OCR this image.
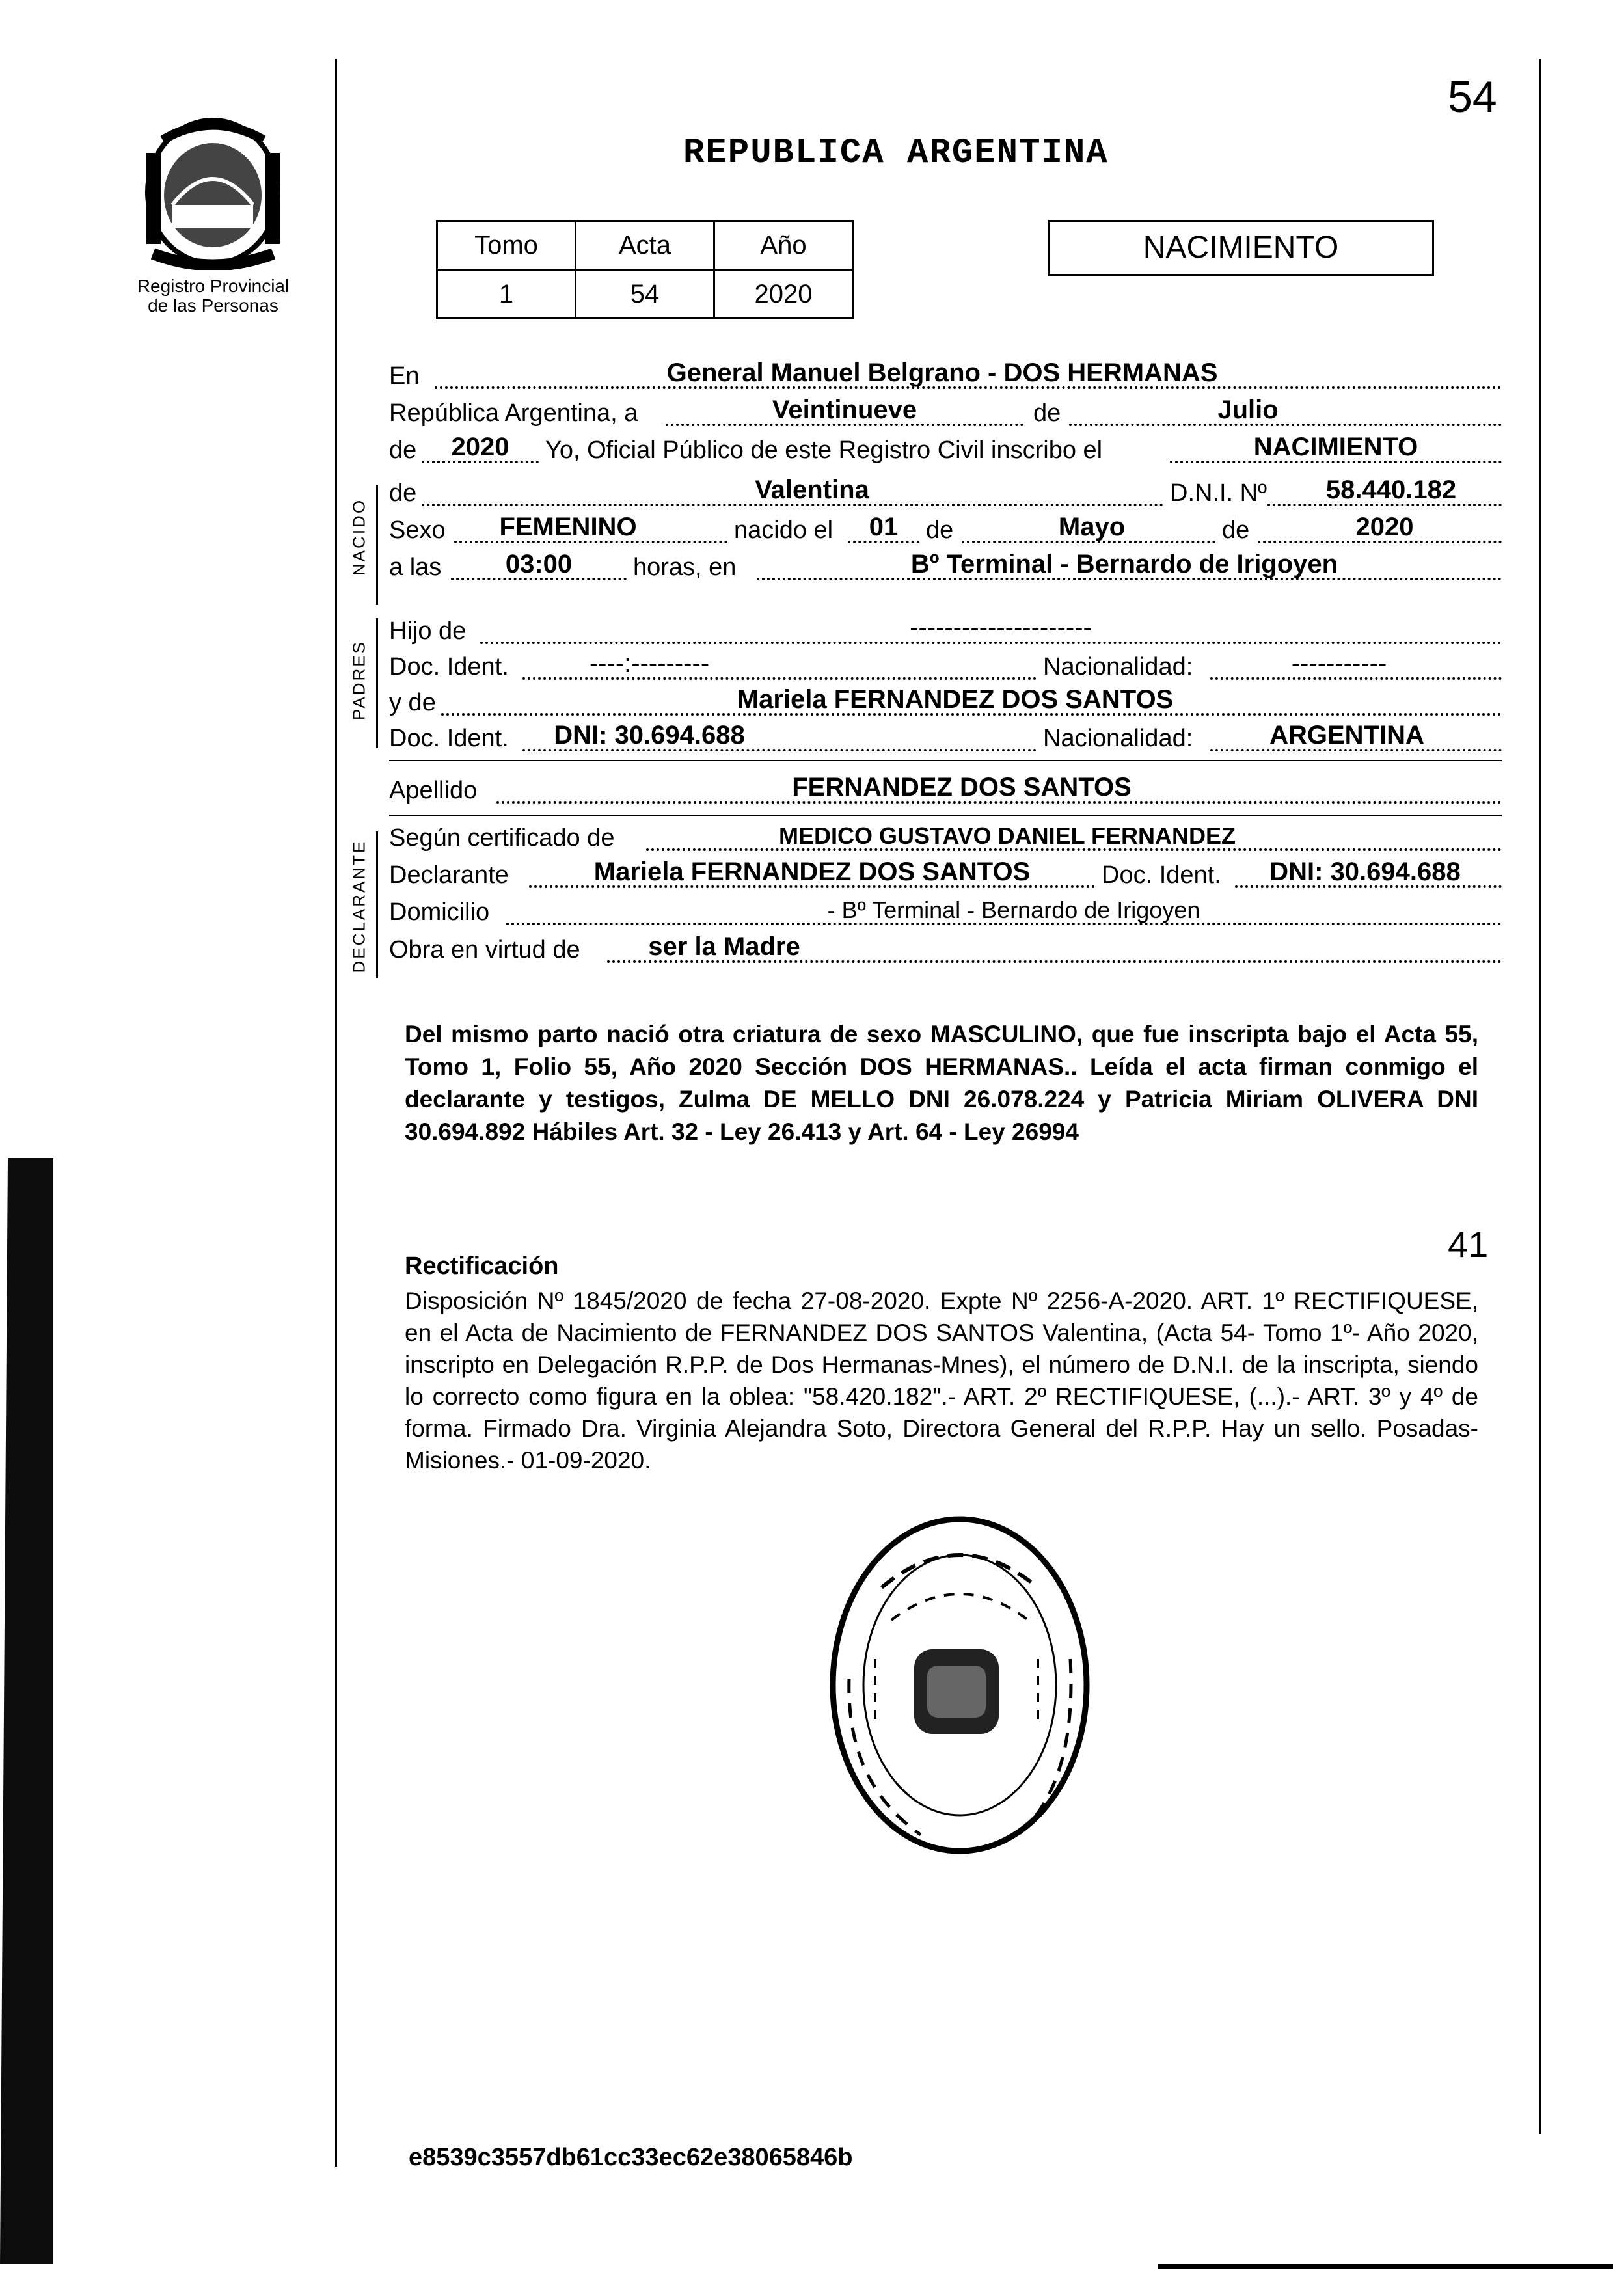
54
REPUBLICA ARGENTINA
Registro Provincial
de las Personas
Tomo	Acta	Año
1	54	2020
NACIMIENTO
En	General Manuel Belgrano - DOS HERMANAS
República Argentina, a	Veintinueve	de	Julio
de	2020	Yo, Oficial Público de este Registro Civil inscribo el	NACIMIENTO
NACIDO
de	Valentina	D.N.I. Nº	58.440.182
Sexo	FEMENINO	nacido el	01	de	Mayo	de	2020
a las	03:00	horas, en	Bº Terminal - Bernardo de Irigoyen
PADRES
Hijo de	---------------------
Doc. Ident.	----:---------	Nacionalidad:	-----------
y de	Mariela FERNANDEZ DOS SANTOS
Doc. Ident.	DNI: 30.694.688	Nacionalidad:	ARGENTINA
Apellido	FERNANDEZ DOS SANTOS
DECLARANTE
Según certificado de	MEDICO GUSTAVO DANIEL FERNANDEZ
Declarante	Mariela FERNANDEZ DOS SANTOS	Doc. Ident.	DNI: 30.694.688
Domicilio	- Bº Terminal - Bernardo de Irigoyen
Obra en virtud de	ser la Madre
Del mismo parto nació otra criatura de sexo MASCULINO, que fue inscripta bajo el Acta 55, Tomo 1, Folio 55, Año 2020 Sección DOS HERMANAS.. Leída el acta firman conmigo el declarante y testigos, Zulma DE MELLO DNI 26.078.224 y Patricia Miriam OLIVERA DNI 30.694.892 Hábiles Art. 32 - Ley 26.413 y Art. 64 - Ley 26994
41
Rectificación
Disposición Nº 1845/2020 de fecha 27-08-2020. Expte Nº 2256-A-2020. ART. 1º RECTIFIQUESE, en el Acta de Nacimiento de FERNANDEZ DOS SANTOS Valentina, (Acta 54- Tomo 1º- Año 2020, inscripto en Delegación R.P.P. de Dos Hermanas-Mnes), el número de D.N.I. de la inscripta, siendo lo correcto como figura en la oblea: "58.420.182".- ART. 2º RECTIFIQUESE, (...).- ART. 3º y 4º de forma. Firmado Dra. Virginia Alejandra Soto, Directora General del R.P.P. Hay un sello. Posadas- Misiones.- 01-09-2020.
e8539c3557db61cc33ec62e38065846b
